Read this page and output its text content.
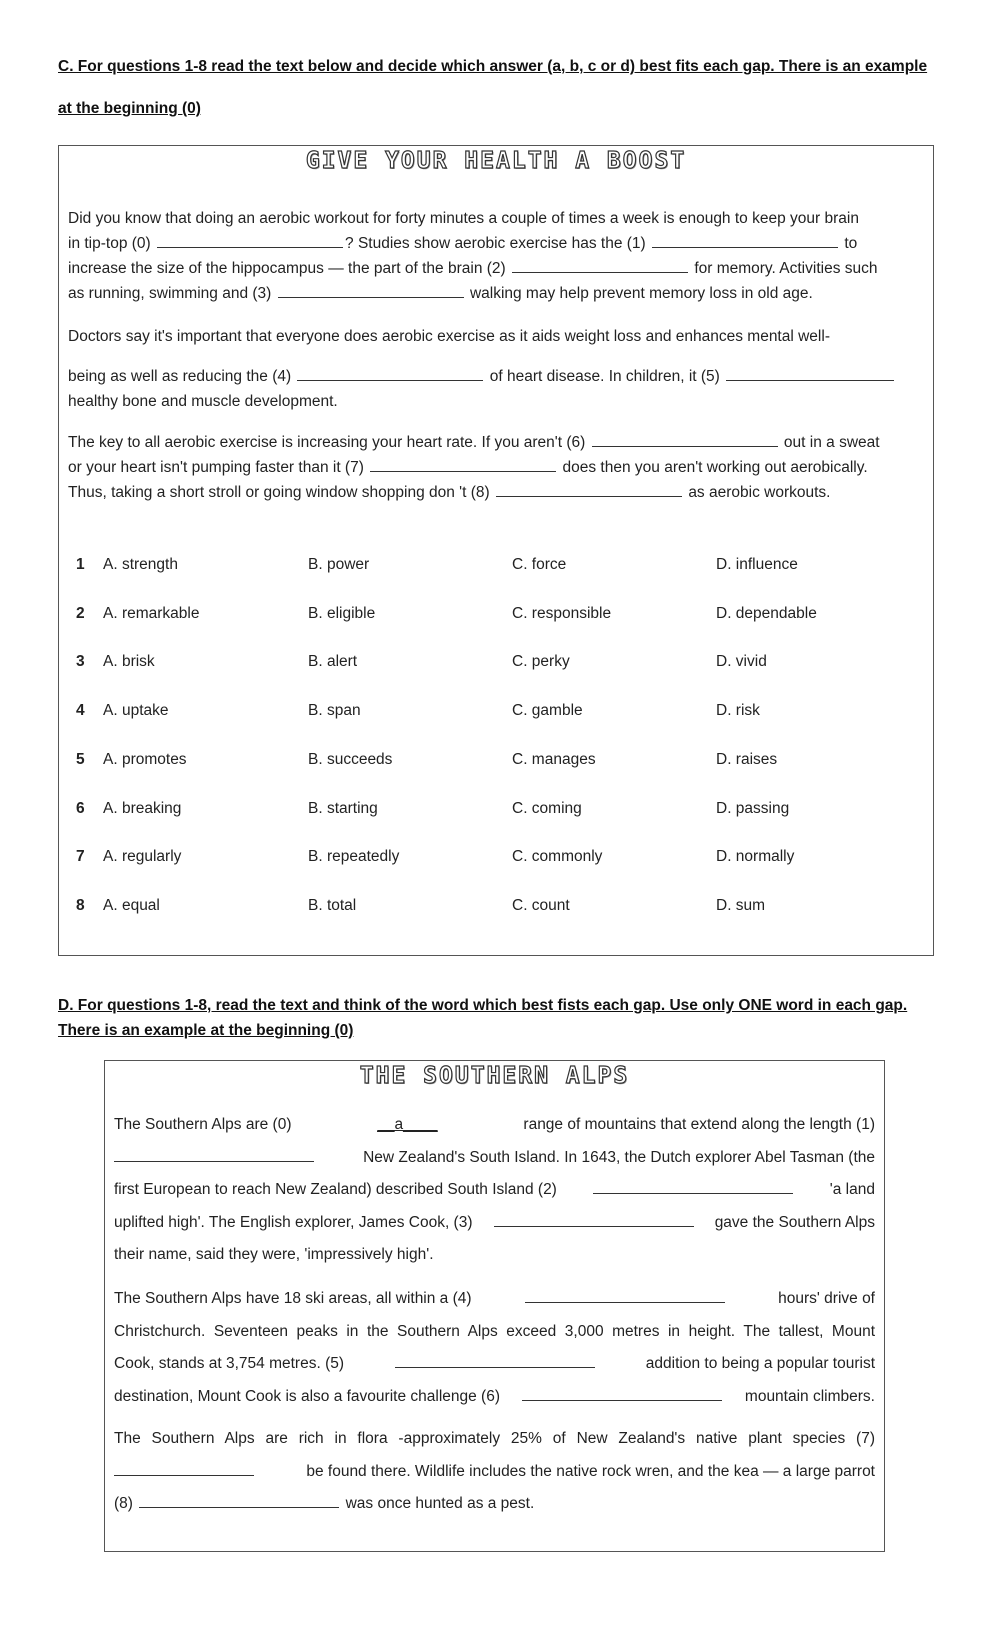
C. For questions 1-8 read the text below and decide which answer (a, b, c or d) best fits each gap. There is an example
at the beginning (0)
GIVE YOUR HEALTH A BOOST
Did you know that doing an aerobic workout for forty minutes a couple of times a week is enough to keep your brain
in tip-top (0)	? Studies show aerobic exercise has the (1)	to
increase the size of the hippocampus — the part of the brain (2)	for memory. Activities such
as running, swimming and (3)	walking may help prevent memory loss in old age.
Doctors say it's important that everyone does aerobic exercise as it aids weight loss and enhances mental well-
being as well as reducing the (4)	of heart disease. In children, it (5)
healthy bone and muscle development.
The key to all aerobic exercise is increasing your heart rate. If you aren't (6)	out in a sweat
or your heart isn't pumping faster than it (7)	does then you aren't working out aerobically.
Thus, taking a short stroll or going window shopping don 't (8)	as aerobic workouts.
1 A. strength	B. power	C. force	D. influence
2 A. remarkable	B. eligible	C. responsible	D. dependable
3 A. brisk	B. alert	C. perky	D. vivid
4 A. uptake	B. span	C. gamble	D. risk
5 A. promotes	B. succeeds	C. manages	D. raises
6 A. breaking	B. starting	C. coming	D. passing
7 A. regularly	B. repeatedly	C. commonly	D. normally
8 A. equal	B. total	C. count	D. sum
D. For questions 1-8, read the text and think of the word which best fists each gap. Use only ONE word in each gap.
There is an example at the beginning (0)
THE SOUTHERN ALPS
The Southern Alps are (0)	__a____	range of mountains that extend along the length (1)
New Zealand's South Island. In 1643, the Dutch explorer Abel Tasman (the
first European to reach New Zealand) described South Island (2)	'a land
uplifted high'. The English explorer, James Cook, (3)	gave the Southern Alps
their name, said they were, 'impressively high'.
The Southern Alps have 18 ski areas, all within a (4)	hours' drive of
Christchurch. Seventeen peaks in the Southern Alps exceed 3,000 metres in height. The tallest, Mount
Cook, stands at 3,754 metres. (5)	addition to being a popular tourist
destination, Mount Cook is also a favourite challenge (6)	mountain climbers.
The Southern Alps are rich in flora -approximately 25% of New Zealand's native plant species (7)
be found there. Wildlife includes the native rock wren, and the kea — a large parrot
(8)	was once hunted as a pest.
